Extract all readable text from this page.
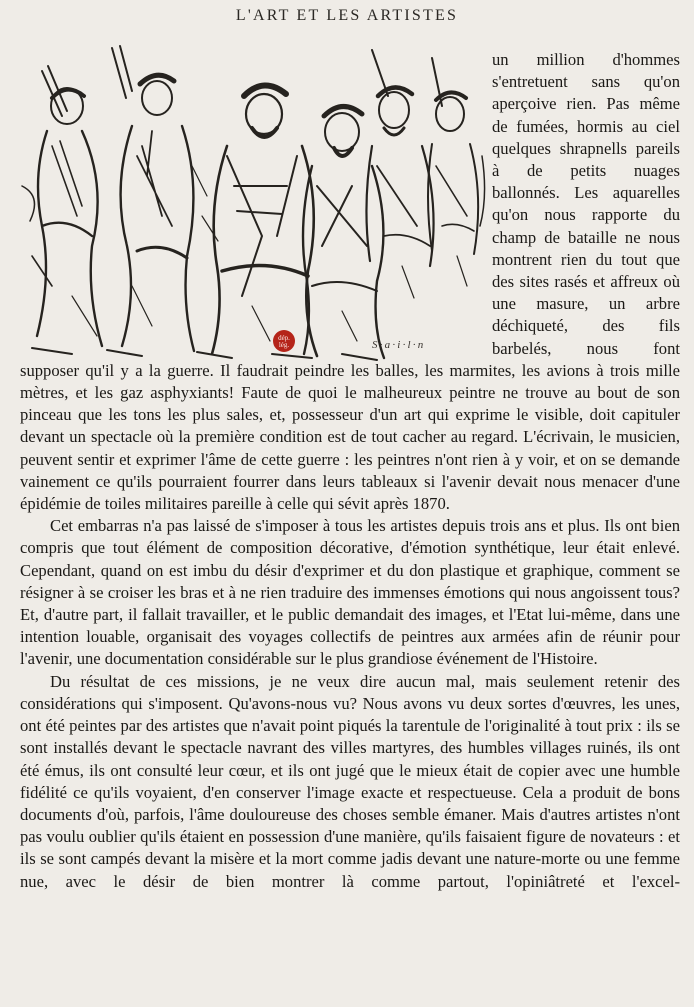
L'ART ET LES ARTISTES
dép.
lég.	S · a · i · l · n

un million d'hommes s'entretuent sans qu'on aperçoive rien. Pas même de fumées, hormis au ciel quelques shrapnells pareils à de petits nuages ballonnés. Les aquarelles qu'on nous rapporte du champ de bataille ne nous montrent rien du tout que des sites rasés et affreux où une masure, un arbre déchiqueté, des fils barbelés, nous font supposer qu'il y a la guerre. Il faudrait peindre les balles, les marmites, les avions à trois mille mètres, et les gaz asphyxiants! Faute de quoi le malheureux peintre ne trouve au bout de son pinceau que les tons les plus sales, et, possesseur d'un art qui exprime le visible, doit capituler devant un spectacle où la première condition est de tout cacher au regard. L'écrivain, le musicien, peuvent sentir et exprimer l'âme de cette guerre : les peintres n'ont rien à y voir, et on se demande vainement ce qu'ils pourraient fourrer dans leurs tableaux si l'avenir devait nous menacer d'une épidémie de toiles militaires pareille à celle qui sévit après 1870.

Cet embarras n'a pas laissé de s'imposer à tous les artistes depuis trois ans et plus. Ils ont bien compris que tout élément de composition décorative, d'émotion synthétique, leur était enlevé. Cependant, quand on est imbu du désir d'exprimer et du don plastique et graphique, comment se résigner à se croiser les bras et à ne rien traduire des immenses émotions qui nous angoissent tous? Et, d'autre part, il fallait travailler, et le public demandait des images, et l'Etat lui-même, dans une intention louable, organisait des voyages collectifs de peintres aux armées afin de réunir pour l'avenir, une documentation considérable sur le plus grandiose événement de l'Histoire.

Du résultat de ces missions, je ne veux dire aucun mal, mais seulement retenir des considérations qui s'imposent. Qu'avons-nous vu? Nous avons vu deux sortes d'œuvres, les unes, ont été peintes par des artistes que n'avait point piqués la tarentule de l'originalité à tout prix : ils se sont installés devant le spectacle navrant des villes martyres, des humbles villages ruinés, ils ont été émus, ils ont consulté leur cœur, et ils ont jugé que le mieux était de copier avec une humble fidélité ce qu'ils voyaient, d'en conserver l'image exacte et respectueuse. Cela a produit de bons documents d'où, parfois, l'âme douloureuse des choses semble émaner. Mais d'autres artistes n'ont pas voulu oublier qu'ils étaient en possession d'une manière, qu'ils faisaient figure de novateurs : et ils se sont campés devant la misère et la mort comme jadis devant une nature-morte ou une femme nue, avec le désir de bien montrer là comme partout, l'opiniâtreté et l'excel-
